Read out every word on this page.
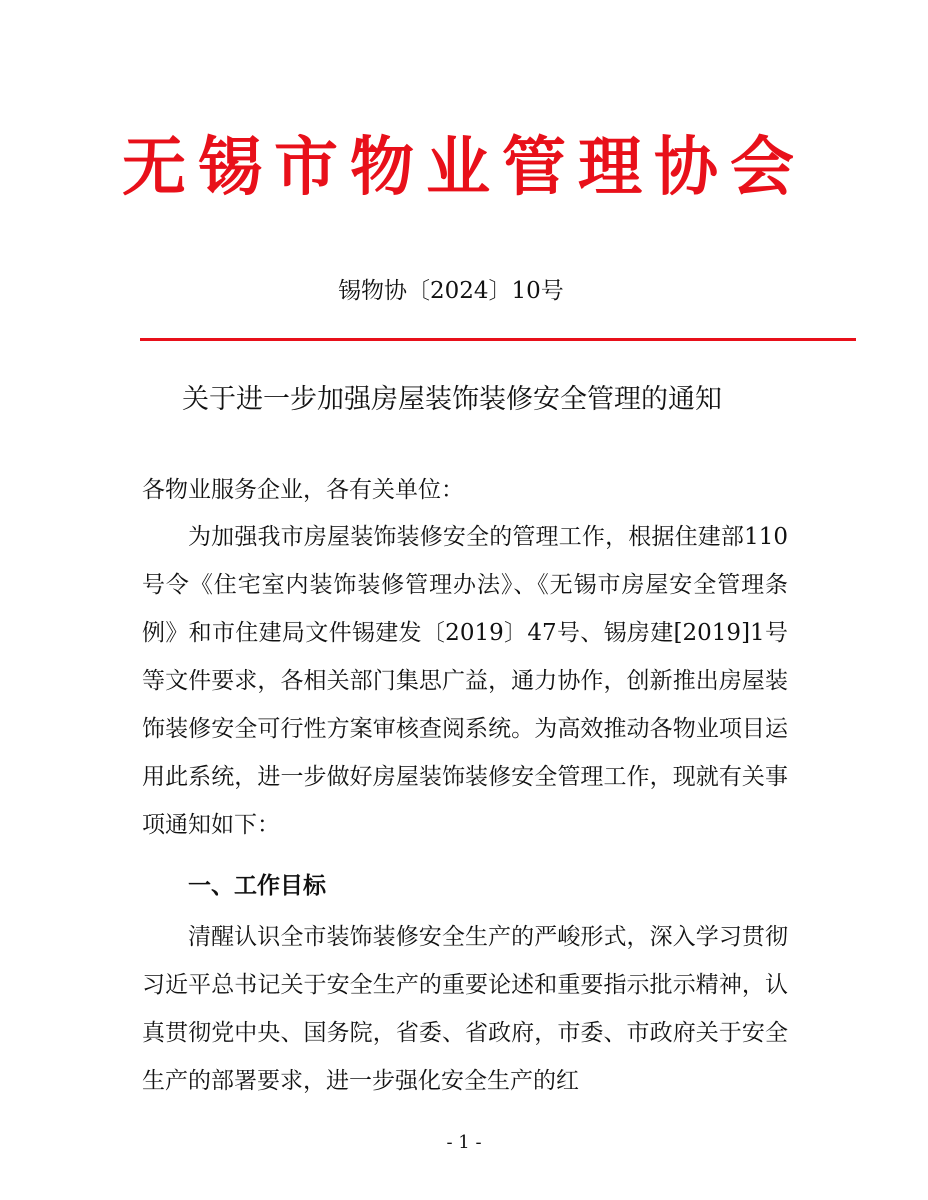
无锡市物业管理协会
锡物协〔2024〕10号
关于进一步加强房屋装饰装修安全管理的通知
各物业服务企业，各有关单位：
为加强我市房屋装饰装修安全的管理工作，根据住建部110号令《住宅室内装饰装修管理办法》、《无锡市房屋安全管理条例》和市住建局文件锡建发〔2019〕47号、锡房建[2019]1号等文件要求，各相关部门集思广益，通力协作，创新推出房屋装饰装修安全可行性方案审核查阅系统。为高效推动各物业项目运用此系统，进一步做好房屋装饰装修安全管理工作，现就有关事项通知如下：
一、工作目标
清醒认识全市装饰装修安全生产的严峻形式，深入学习贯彻习近平总书记关于安全生产的重要论述和重要指示批示精神，认真贯彻党中央、国务院，省委、省政府，市委、市政府关于安全生产的部署要求，进一步强化安全生产的红
- 1 -
